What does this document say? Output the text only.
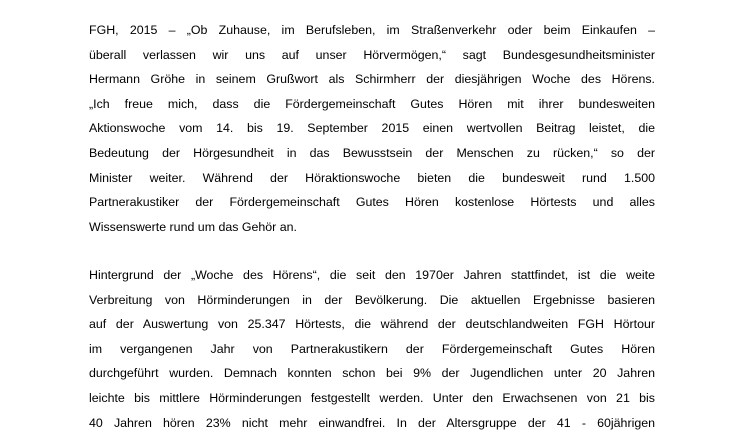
FGH, 2015 – „Ob Zuhause, im Berufsleben, im Straßenverkehr oder beim Einkaufen –
überall verlassen wir uns auf unser Hörvermögen,“ sagt Bundesgesundheitsminister
Hermann Gröhe in seinem Grußwort als Schirmherr der diesjährigen Woche des Hörens.
„Ich freue mich, dass die Fördergemeinschaft Gutes Hören mit ihrer bundesweiten
Aktionswoche vom 14. bis 19. September 2015 einen wertvollen Beitrag leistet, die
Bedeutung der Hörgesundheit in das Bewusstsein der Menschen zu rücken,“ so der
Minister weiter. Während der Höraktionswoche bieten die bundesweit rund 1.500
Partnerakustiker der Fördergemeinschaft Gutes Hören kostenlose Hörtests und alles
Wissenswerte rund um das Gehör an.

Hintergrund der „Woche des Hörens“, die seit den 1970er Jahren stattfindet, ist die weite
Verbreitung von Hörminderungen in der Bevölkerung. Die aktuellen Ergebnisse basieren
auf der Auswertung von 25.347 Hörtests, die während der deutschlandweiten FGH Hörtour
im vergangenen Jahr von Partnerakustikern der Fördergemeinschaft Gutes Hören
durchgeführt wurden. Demnach konnten schon bei 9% der Jugendlichen unter 20 Jahren
leichte bis mittlere Hörminderungen festgestellt werden. Unter den Erwachsenen von 21 bis
40 Jahren hören 23% nicht mehr einwandfrei. In der Altersgruppe der 41 - 60jährigen
